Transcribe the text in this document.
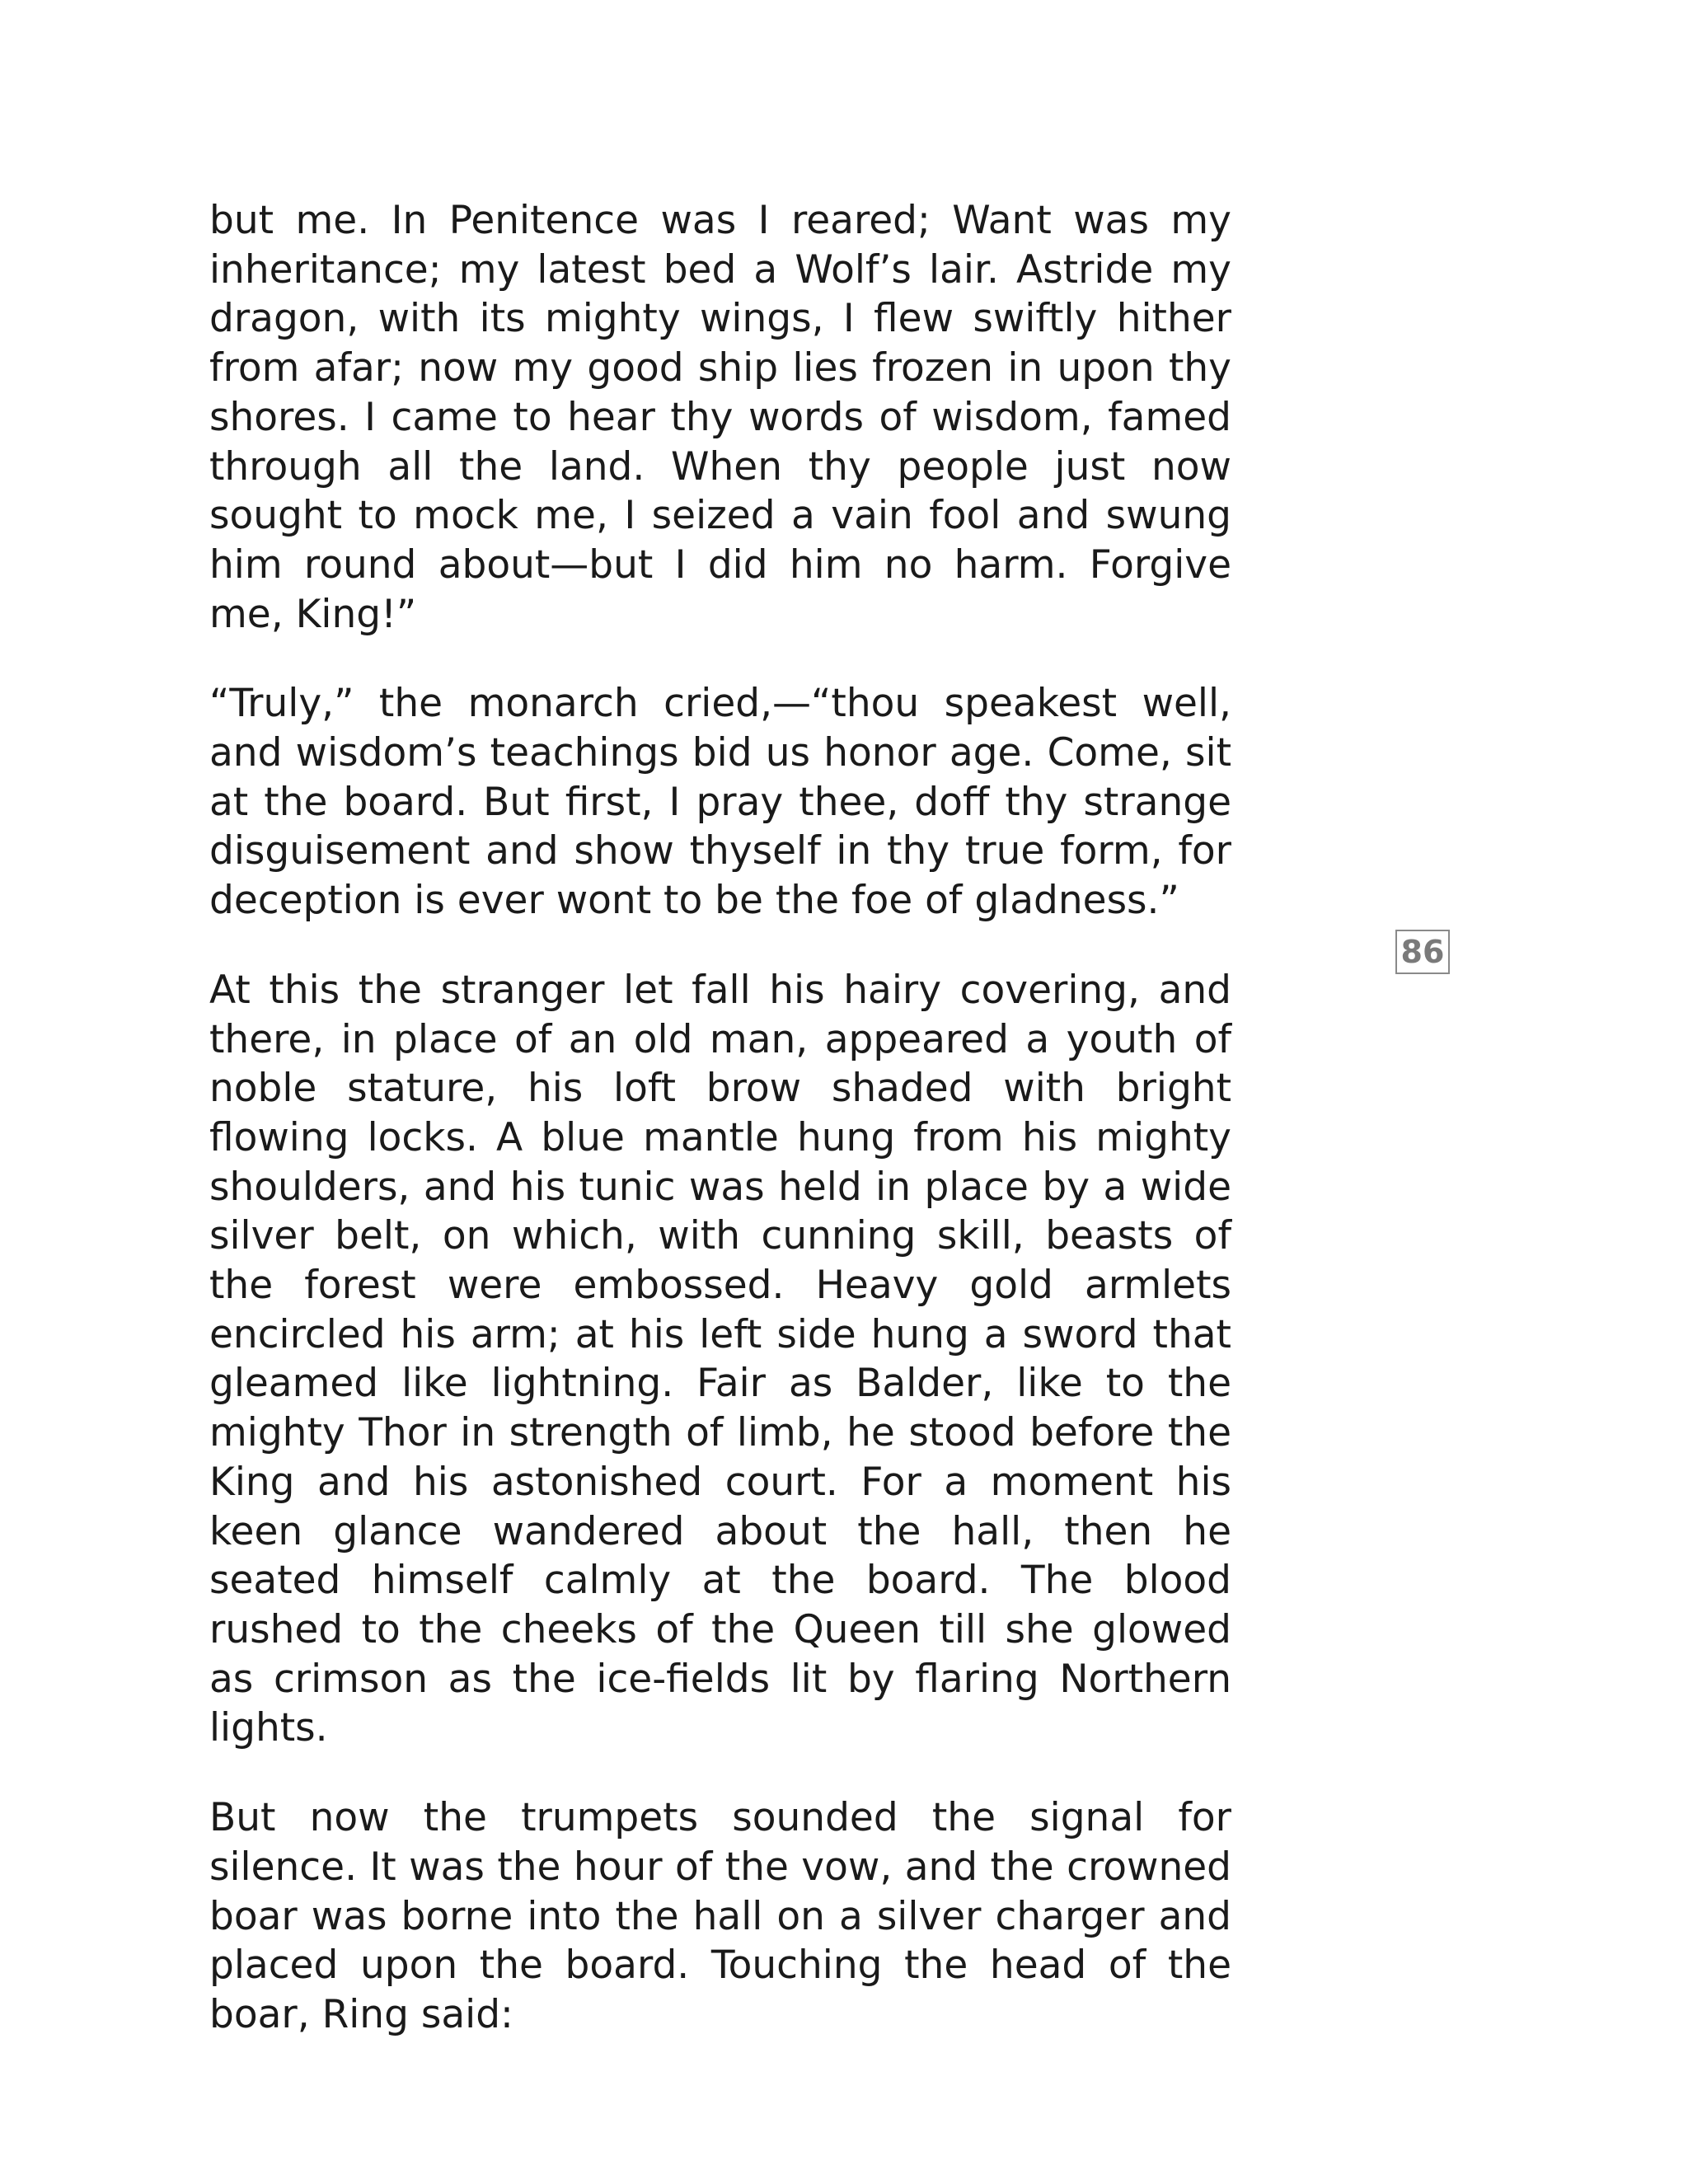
but me. In Penitence was I reared; Want was my inheritance; my latest bed a Wolf’s lair. Astride my dragon, with its mighty wings, I flew swiftly hither from afar; now my good ship lies frozen in upon thy shores. I came to hear thy words of wisdom, famed through all the land. When thy people just now sought to mock me, I seized a vain fool and swung him round about—but I did him no harm. Forgive me, King!”

“Truly,” the monarch cried,—“thou speakest well, and wisdom’s teachings bid us honor age. Come, sit at the board. But first, I pray thee, doff thy strange disguisement and show thyself in thy true form, for deception is ever wont to be the foe of gladness.”

At this the stranger let fall his hairy covering, and there, in place of an old man, appeared a youth of noble stature, his loft brow shaded with bright flowing locks. A blue mantle hung from his mighty shoulders, and his tunic was held in place by a wide silver belt, on which, with cunning skill, beasts of the forest were embossed. Heavy gold armlets encircled his arm; at his left side hung a sword that gleamed like lightning. Fair as Balder, like to the mighty Thor in strength of limb, he stood before the King and his astonished court. For a moment his keen glance wandered about the hall, then he seated himself calmly at the board. The blood rushed to the cheeks of the Queen till she glowed as crimson as the ice-fields lit by flaring Northern lights.

But now the trumpets sounded the signal for silence. It was the hour of the vow, and the crowned boar was borne into the hall on a silver charger and placed upon the board. Touching the head of the boar, Ring said:

86
